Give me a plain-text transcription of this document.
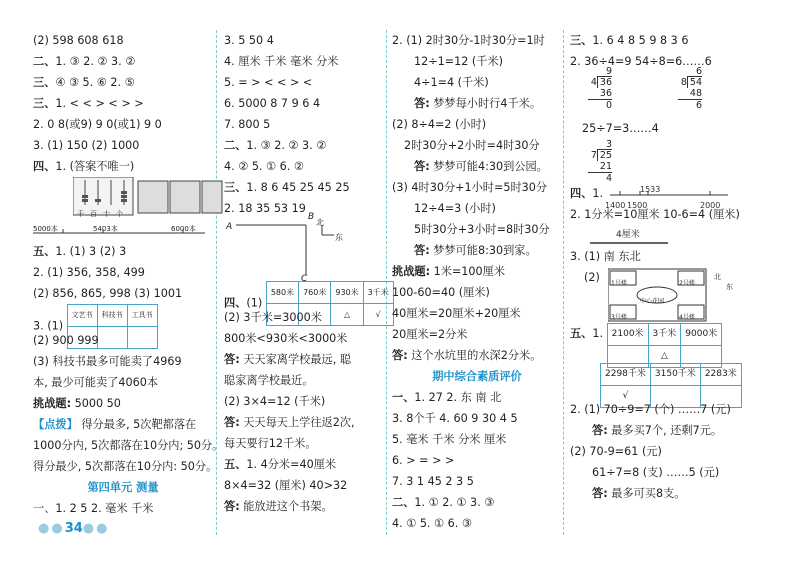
(2) 598 608 618
二、1. ③ 2. ② 3. ②
三、④ ③ 5. ⑥ 2. ⑤
三、1. < < > < > >
2. 0 8(或9) 9 0(或1) 9 0
3. (1) 150 (2) 1000
四、1. (答案不唯一)
千百十个
5000本	5403本	6000本
五、1. (1) 3 (2) 3
2. (1) 356, 358, 499
(2) 856, 865, 998 (3) 1001
3. (1) 文艺书	科技书	工具书

(2) 900 999
(3) 科技书最多可能卖了4969
本, 最少可能卖了4060本
挑战题: 5000 50
【点拨】 得分最多, 5次靶都落在
1000分内, 5次都落在10分内; 50分。
得分最少, 5次都落在10分内: 50分。
第四单元 测量
一、1. 2 5 2. 毫米 千米
3. 5 50 4
4. 厘米 千米 毫米 分米
5. = > < < > <
6. 5000 8 7 9 6 4
7. 800 5
二、1. ③ 2. ② 3. ②
4. ② 5. ① 6. ②
三、1. 8 6 45 25 45 25
2. 18 35 53 19
A
B
C
北
东
四、(1) 580米	760米	930米	3千米
		△	√
(2) 3千米=3000米
800米<930米<3000米
答: 天天家离学校最远, 聪
聪家离学校最近。
(2) 3×4=12 (千米)
答: 天天每天上学往返2次,
每天要行12千米。
五、1. 4分米=40厘米
8×4=32 (厘米) 40>32
答: 能放进这个书架。
2. (1) 2时30分-1时30分=1时
12÷1=12 (千米)
4÷1=4 (千米)
答: 梦梦每小时行4千米。
(2) 8÷4=2 (小时)
2时30分+2小时=4时30分
答: 梦梦可能4:30到公园。
(3) 4时30分+1小时=5时30分
12÷4=3 (小时)
5时30分+3小时=8时30分
答: 梦梦可能8:30到家。
挑战题: 1米=100厘米
100-60=40 (厘米)
40厘米=20厘米+20厘米
20厘米=2分米
答: 这个水坑里的水深2分米。
期中综合素质评价
一、1. 27 2. 东 南 北
3. 8个千 4. 60 9 30 4 5
5. 毫米 千米 分米 厘米
6. > = > >
7. 3 1 45 2 3 5
二、1. ① 2. ① 3. ③
4. ① 5. ① 6. ③
三、1. 6 4 8 5 9 8 3 6
2. 36÷4=9 54÷8=6……6
9
4 36
36
0
6
8 54
48
6
25÷7=3……4
3
7 25
21
4
四、1.
1400 1500
1533
2000
2. 1分米=10厘米 10-6=4 (厘米)
4厘米
3. (1) 南 东北
(2) 1号楼	2号楼
中心花园
3号楼	4号楼
北
东
五、1. 2100米	3千米	9000米
	△	
2298千米	3150千米	2283米
√		
2. (1) 70÷9=7 (个) ……7 (元)
答: 最多买7个, 还剩7元。
(2) 70-9=61 (元)
61÷7=8 (支) ……5 (元)
答: 最多可买8支。
●●34●●
